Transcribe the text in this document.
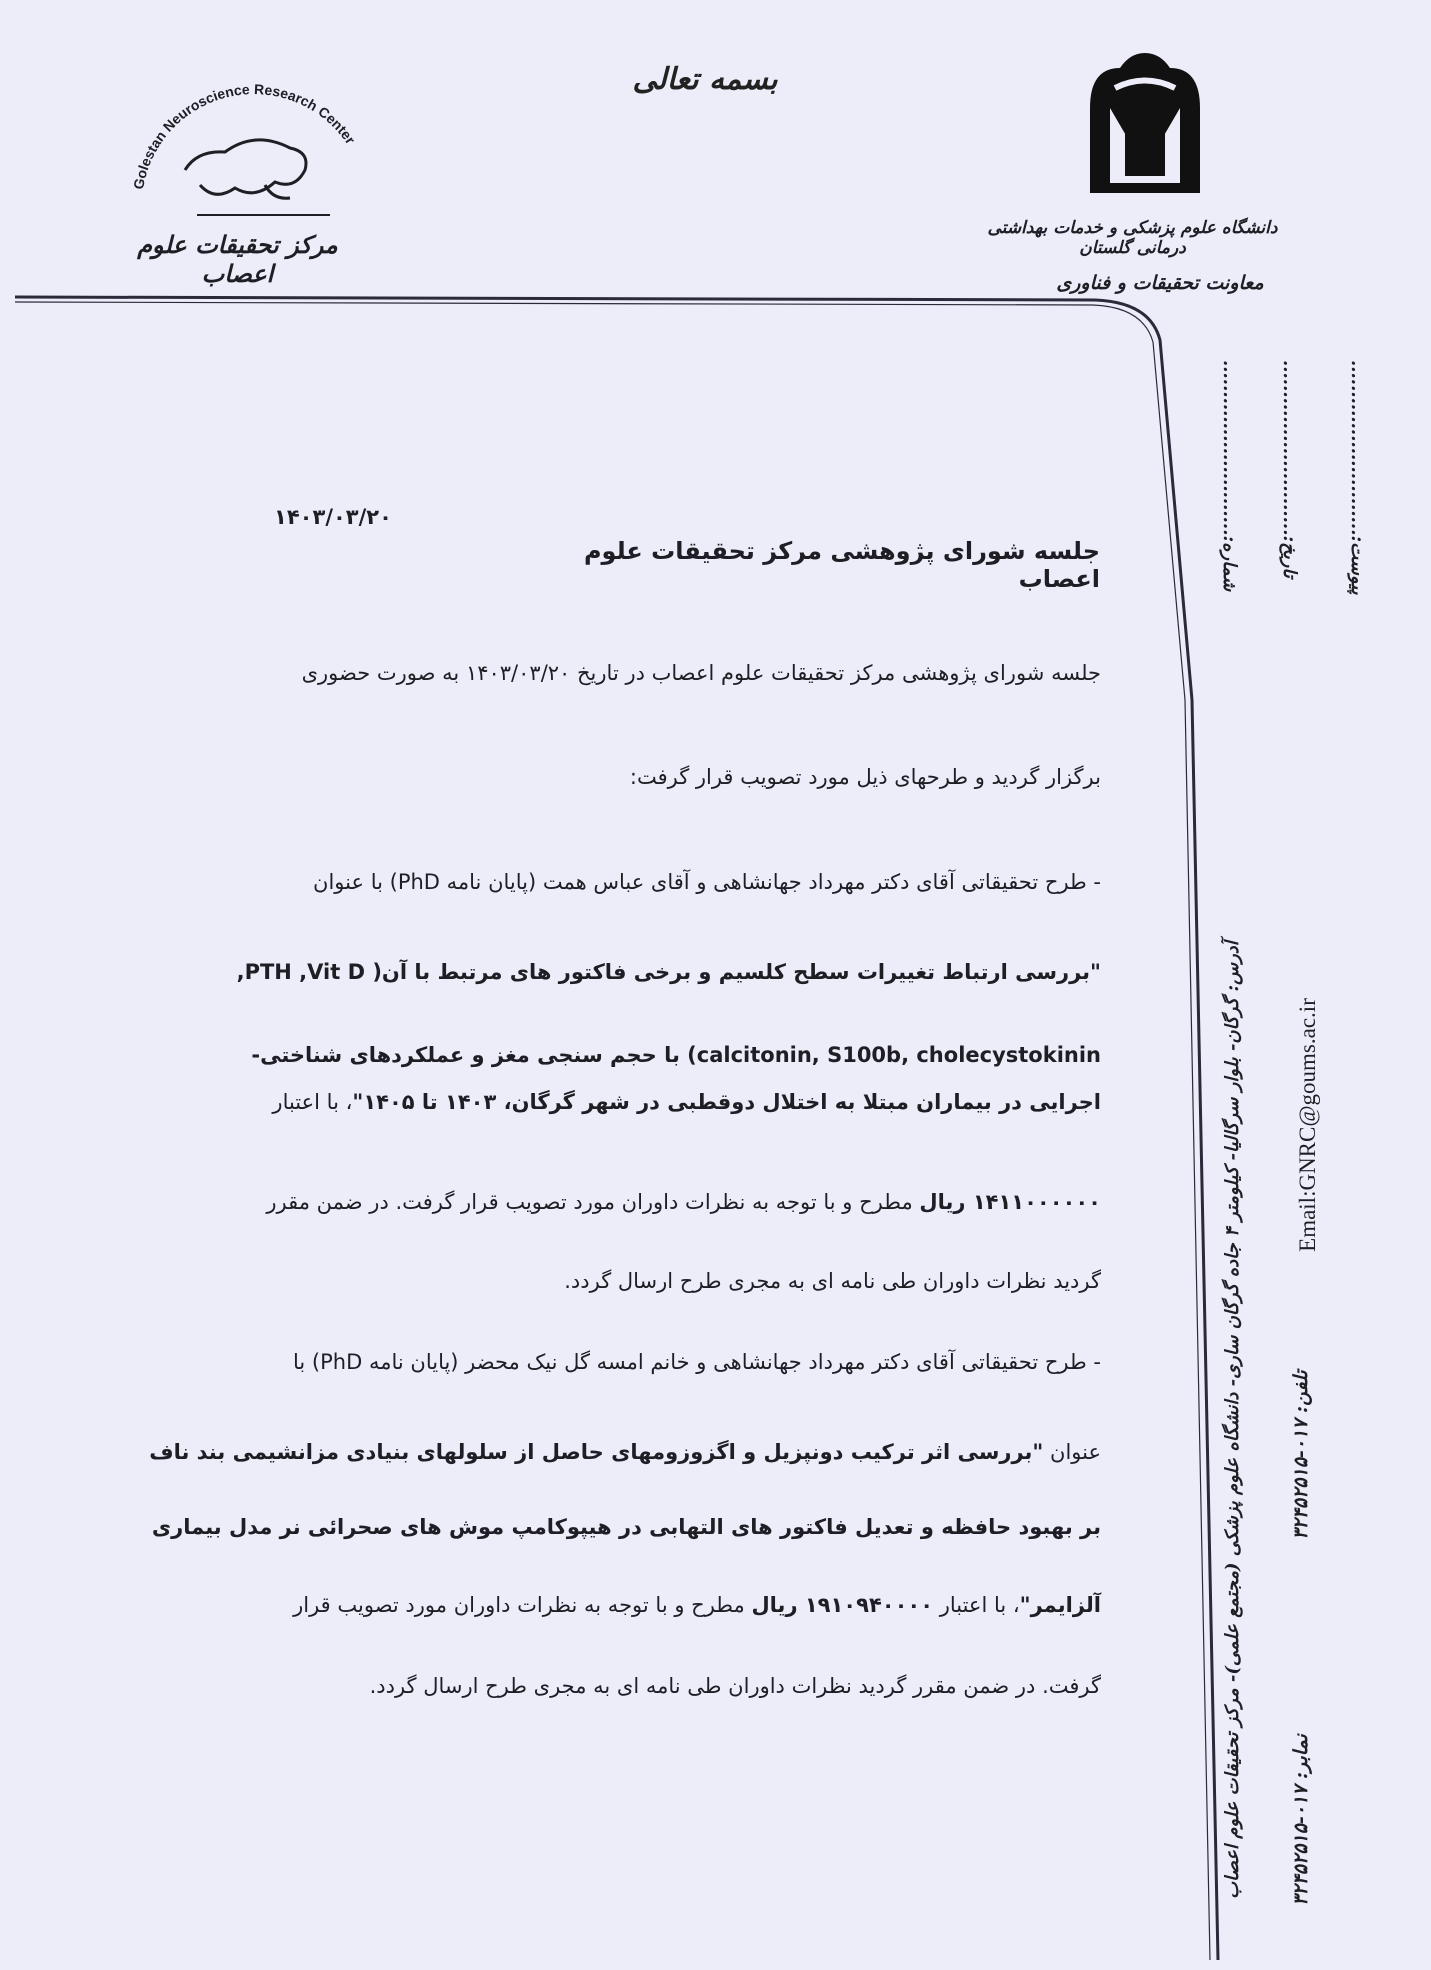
بسمه تعالی
Golestan Neuroscience Research Center
مرکز تحقیقات علوم اعصاب
دانشگاه علوم پزشکی و خدمات بهداشتی درمانی گلستان
معاونت تحقیقات و فناوری
شماره:............................
تاریخ:............................
پیوست:............................
آدرس: گرگان- بلوار سرگالیا- کیلومتر ۴ جاده گرگان ساری- دانشگاه علوم پزشکی (مجتمع علمی)- مرکز تحقیقات علوم اعصاب
نمابر: ۰۱۷-۳۲۴۵۲۵۱۵
تلفن: ۰۱۷-۳۲۴۵۲۵۱۵
Email:GNRC@goums.ac.ir
۱۴۰۳/۰۳/۲۰
جلسه شورای پژوهشی مرکز تحقیقات علوم اعصاب
جلسه شورای پژوهشی مرکز تحقیقات علوم اعصاب در تاریخ ۱۴۰۳/۰۳/۲۰ به صورت حضوری
برگزار گردید و طرحهای ذیل مورد تصویب قرار گرفت:
- طرح تحقیقاتی آقای دکتر مهرداد جهانشاهی و آقای عباس همت (پایان نامه PhD) با عنوان
"بررسی ارتباط تغییرات سطح کلسیم و برخی فاکتور های مرتبط با آن( PTH ,Vit D,
calcitonin, S100b, cholecystokinin) با حجم سنجی مغز و عملکردهای شناختی-
اجرایی در بیماران مبتلا به اختلال دوقطبی در شهر گرگان، ۱۴۰۳ تا ۱۴۰۵"، با اعتبار
۱۴۱۱۰۰۰۰۰۰ ریال مطرح و با توجه به نظرات داوران مورد تصویب قرار گرفت. در ضمن مقرر
گردید نظرات داوران طی نامه ای به مجری طرح ارسال گردد.
- طرح تحقیقاتی آقای دکتر مهرداد جهانشاهی و خانم امسه گل نیک محضر (پایان نامه PhD) با
عنوان "بررسی اثر ترکیب دونپزیل و اگزوزومهای حاصل از سلولهای بنیادی مزانشیمی بند ناف
بر بهبود حافظه و تعدیل فاکتور های التهابی در هیپوکامپ موش های صحرائی نر مدل بیماری
آلزایمر"، با اعتبار ۱۹۱۰۹۴۰۰۰۰ ریال مطرح و با توجه به نظرات داوران مورد تصویب قرار
گرفت. در ضمن مقرر گردید نظرات داوران طی نامه ای به مجری طرح ارسال گردد.
